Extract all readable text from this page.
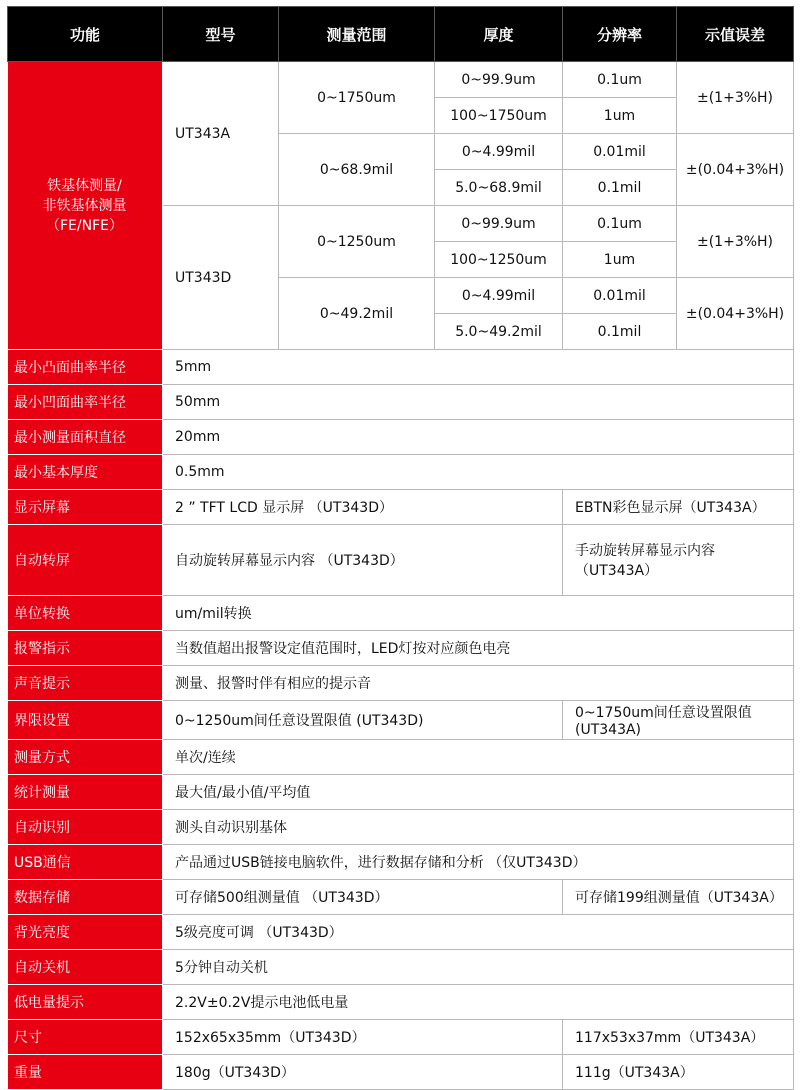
功能	型号	测量范围	厚度	分辨率	示值误差

铁基体测量/
非铁基体测量
（FE/NFE）	UT343A	0~1750um	0~99.9um	0.1um	±(1+3%H)
			100~1750um	1um	
		0~68.9mil	0~4.99mil	0.01mil	±(0.04+3%H)
			5.0~68.9mil	0.1mil	
	UT343D	0~1250um	0~99.9um	0.1um	±(1+3%H)
			100~1250um	1um	
		0~49.2mil	0~4.99mil	0.01mil	±(0.04+3%H)
			5.0~49.2mil	0.1mil	
最小凸面曲率半径	5mm				
最小凹面曲率半径	50mm				
最小测量面积直径	20mm				
最小基本厚度	0.5mm				
显示屏幕	2 ” TFT LCD 显示屏 （UT343D）			EBTN彩色显示屏（UT343A）	
自动转屏	自动旋转屏幕显示内容 （UT343D）			手动旋转屏幕显示内容 （UT343A）	
单位转换	um/mil转换				
报警指示	当数值超出报警设定值范围时，LED灯按对应颜色电亮				
声音提示	测量、报警时伴有相应的提示音				
界限设置	0~1250um间任意设置限值 (UT343D)			0~1750um间任意设置限值 (UT343A)	
测量方式	单次/连续				
统计测量	最大值/最小值/平均值				
自动识别	测头自动识别基体				
USB通信	产品通过USB链接电脑软件，进行数据存储和分析 （仅UT343D）				
数据存储	可存储500组测量值 （UT343D）			可存储199组测量值（UT343A）	
背光亮度	5级亮度可调 （UT343D）				
自动关机	5分钟自动关机				
低电量提示	2.2V±0.2V提示电池低电量				
尺寸	152x65x35mm（UT343D）			117x53x37mm（UT343A）	
重量	180g（UT343D）			111g（UT343A）	
